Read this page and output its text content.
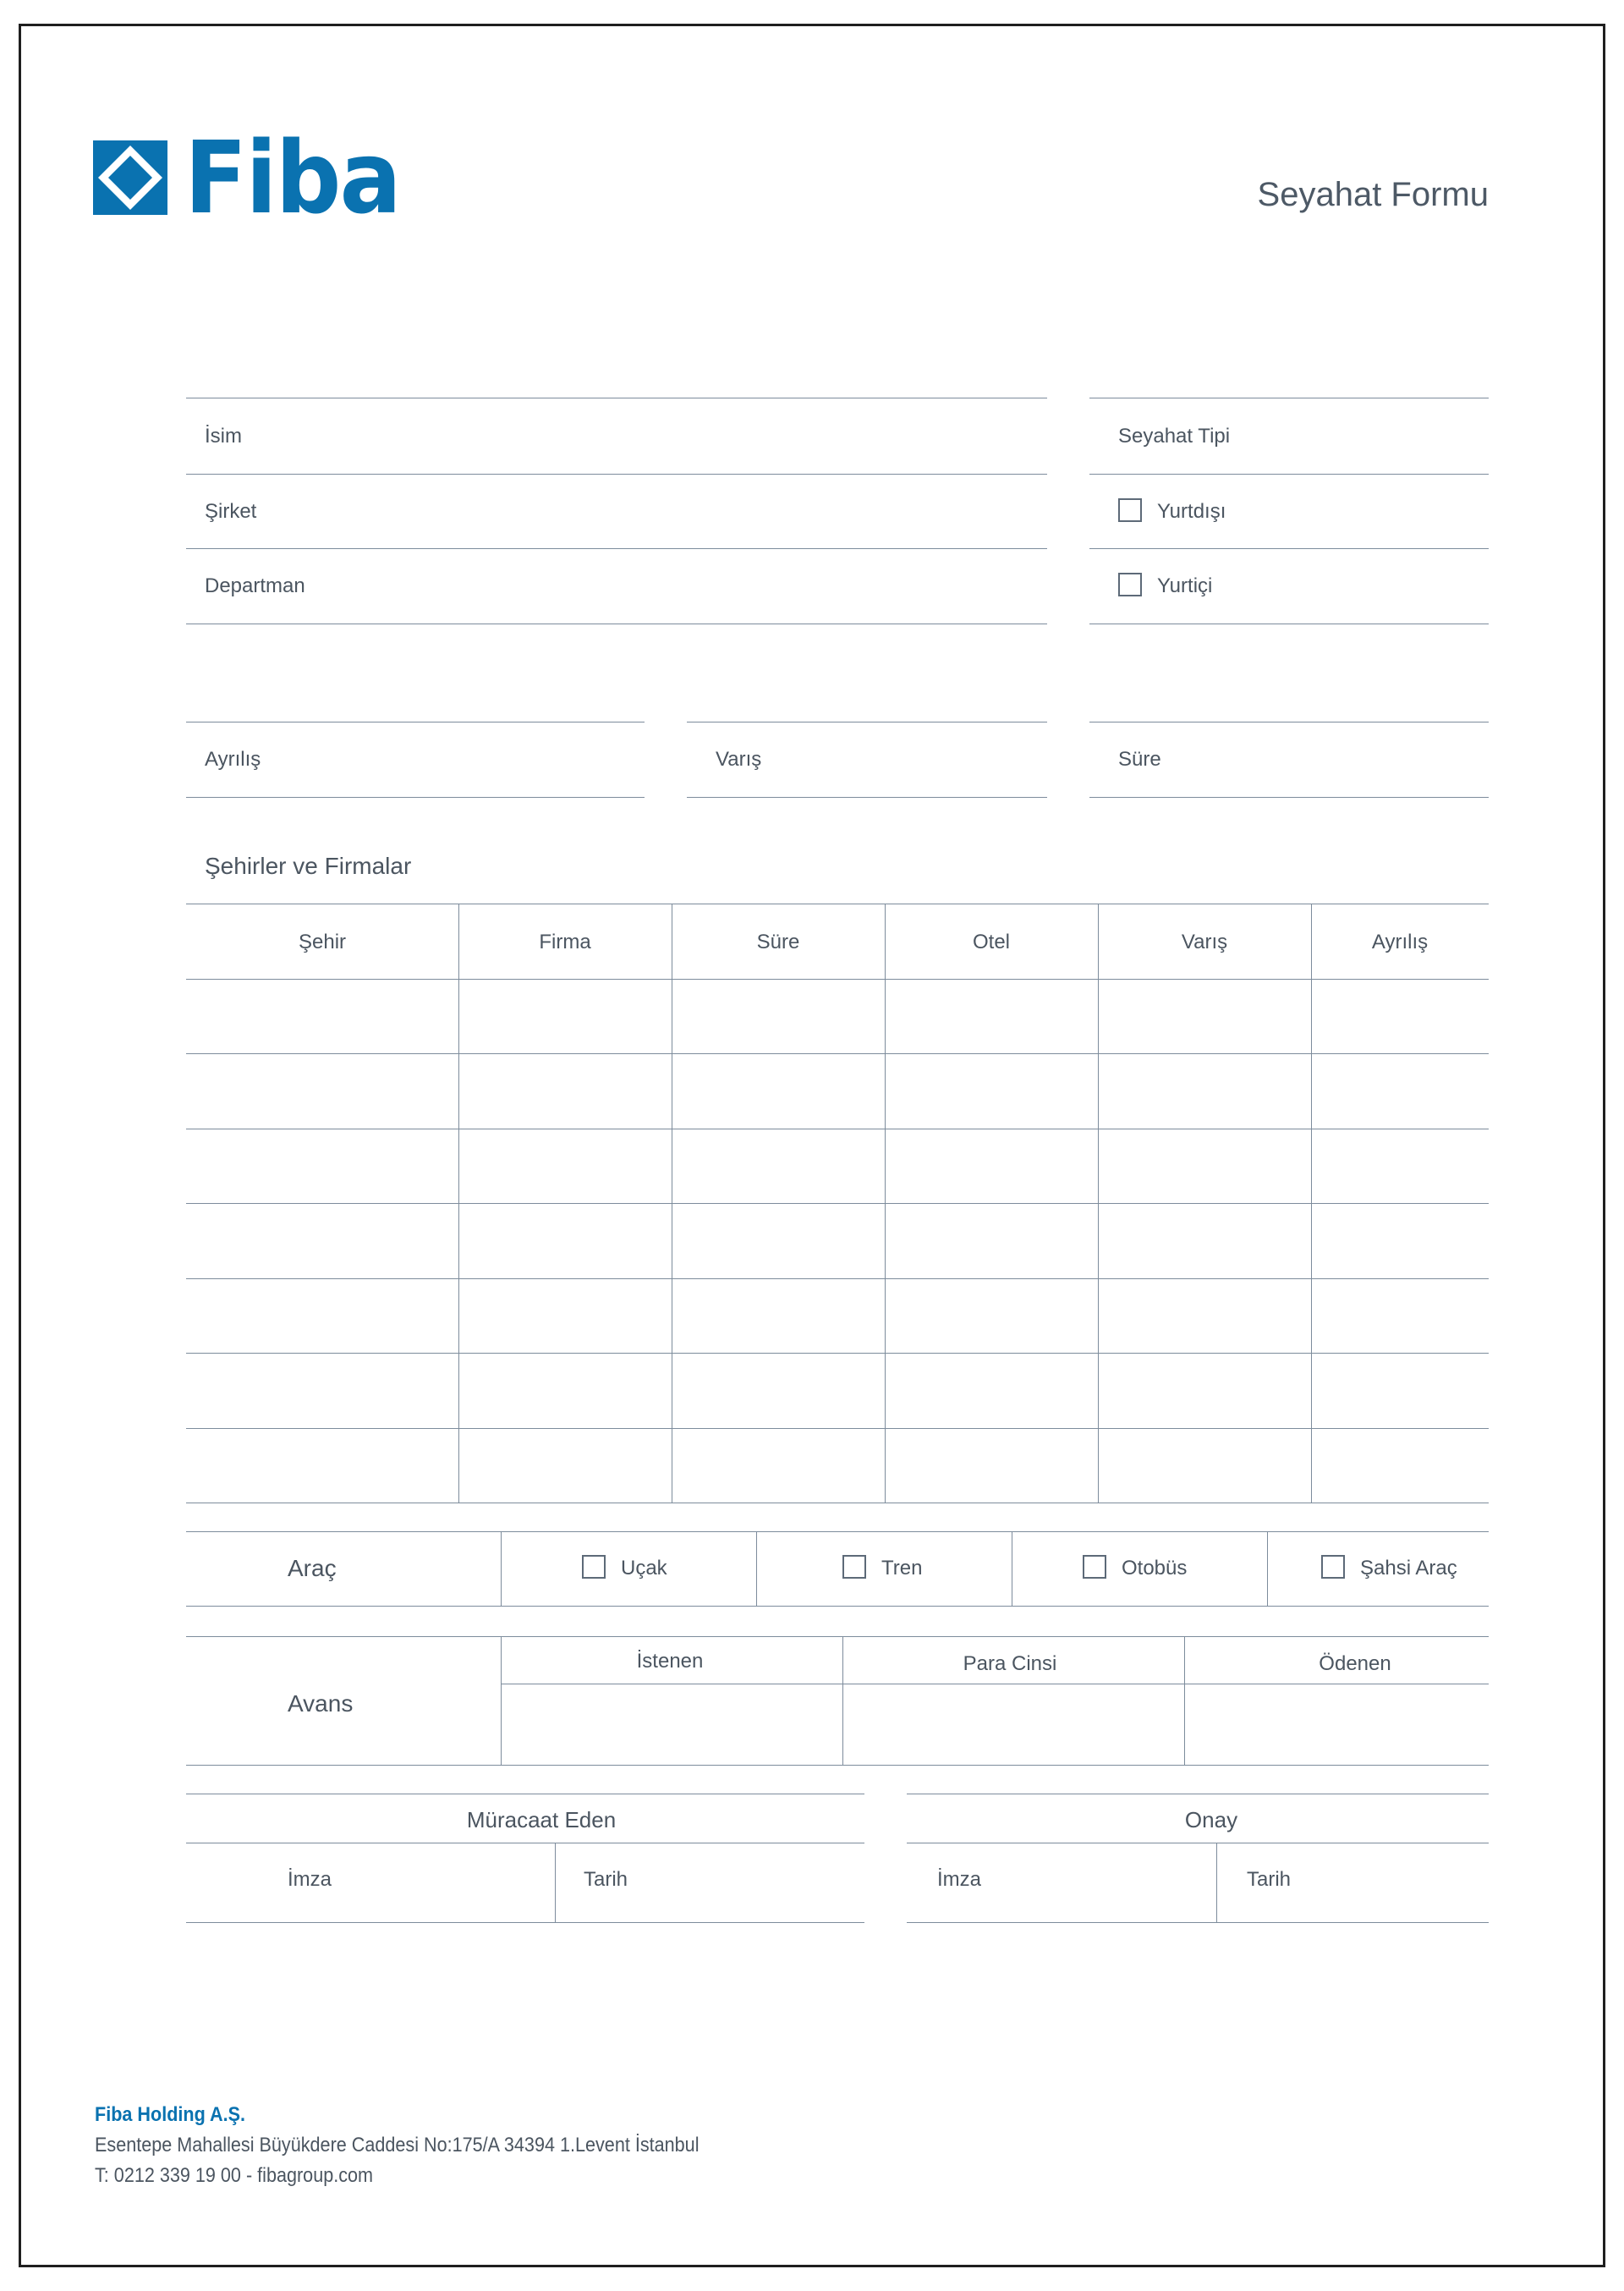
Fiba	Seyahat Formu
İsim
Şirket
Departman
Seyahat Tipi
Yurtdışı
Yurtiçi
Ayrılış	Varış	Süre
Şehirler ve Firmalar
Şehir	Firma	Süre	Otel	Varış	Ayrılış
Araç	Uçak	Tren	Otobüs	Şahsi Araç
Avans
İstenen	Para Cinsi	Ödenen
Müracaat Eden
İmza	Tarih
Onay
İmza	Tarih
Fiba Holding A.Ş.
Esentepe Mahallesi Büyükdere Caddesi No:175/A 34394 1.Levent İstanbul
T: 0212 339 19 00 - fibagroup.com
